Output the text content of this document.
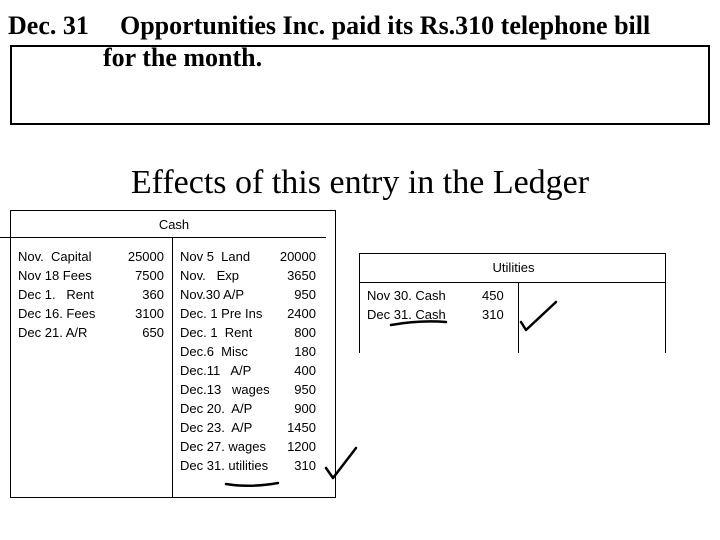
Dec. 31 Opportunities Inc. paid its Rs.310 telephone bill
for the month.
Effects of this entry in the Ledger
Cash
Nov.  Capital	25000
Nov 18 Fees	7500
Dec 1.   Rent	360
Dec 16. Fees	3100
Dec 21. A/R	650
Nov 5  Land	20000
Nov.   Exp	3650
Nov.30 A/P	950
Dec. 1 Pre Ins	2400
Dec. 1  Rent	800
Dec.6  Misc	180
Dec.11   A/P	400
Dec.13   wages	950
Dec 20.  A/P	900
Dec 23.  A/P	1450
Dec 27. wages	1200
Dec 31. utilities	310
Utilities
Nov 30. Cash	450
Dec 31. Cash	310
